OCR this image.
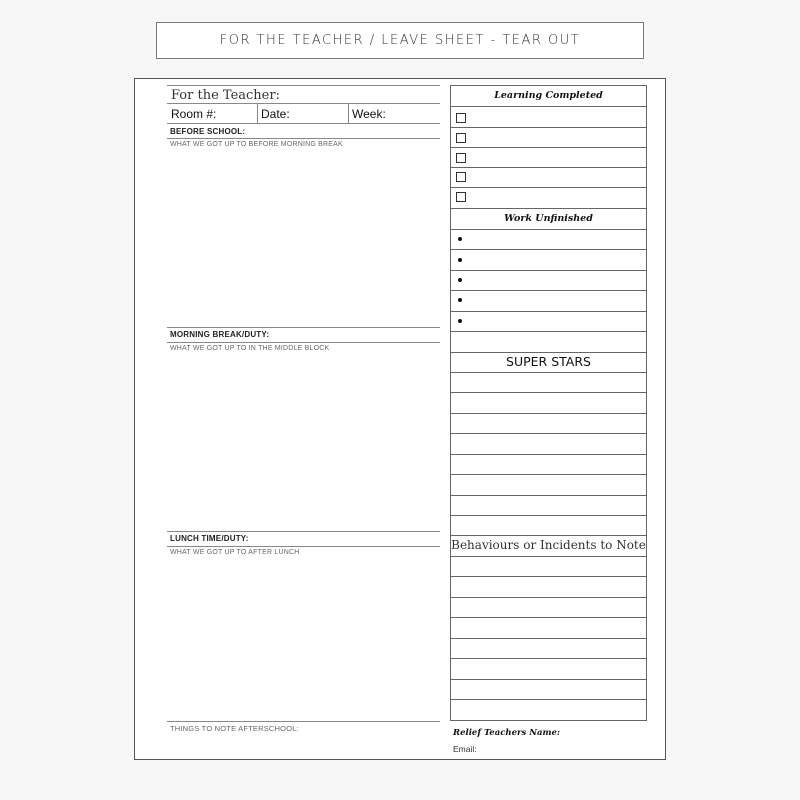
FOR THE TEACHER / LEAVE SHEET - TEAR OUT
For the Teacher:
Room #:	Date:	Week:
BEFORE SCHOOL:
WHAT WE GOT UP TO BEFORE MORNING BREAK
MORNING BREAK/DUTY:
WHAT WE GOT UP TO IN THE MIDDLE BLOCK
LUNCH TIME/DUTY:
WHAT WE GOT UP TO AFTER LUNCH
THINGS TO NOTE AFTERSCHOOL:
Learning Completed
Work Unfinished
SUPER STARS
Behaviours or Incidents to Note
Relief Teachers Name:
Email:
